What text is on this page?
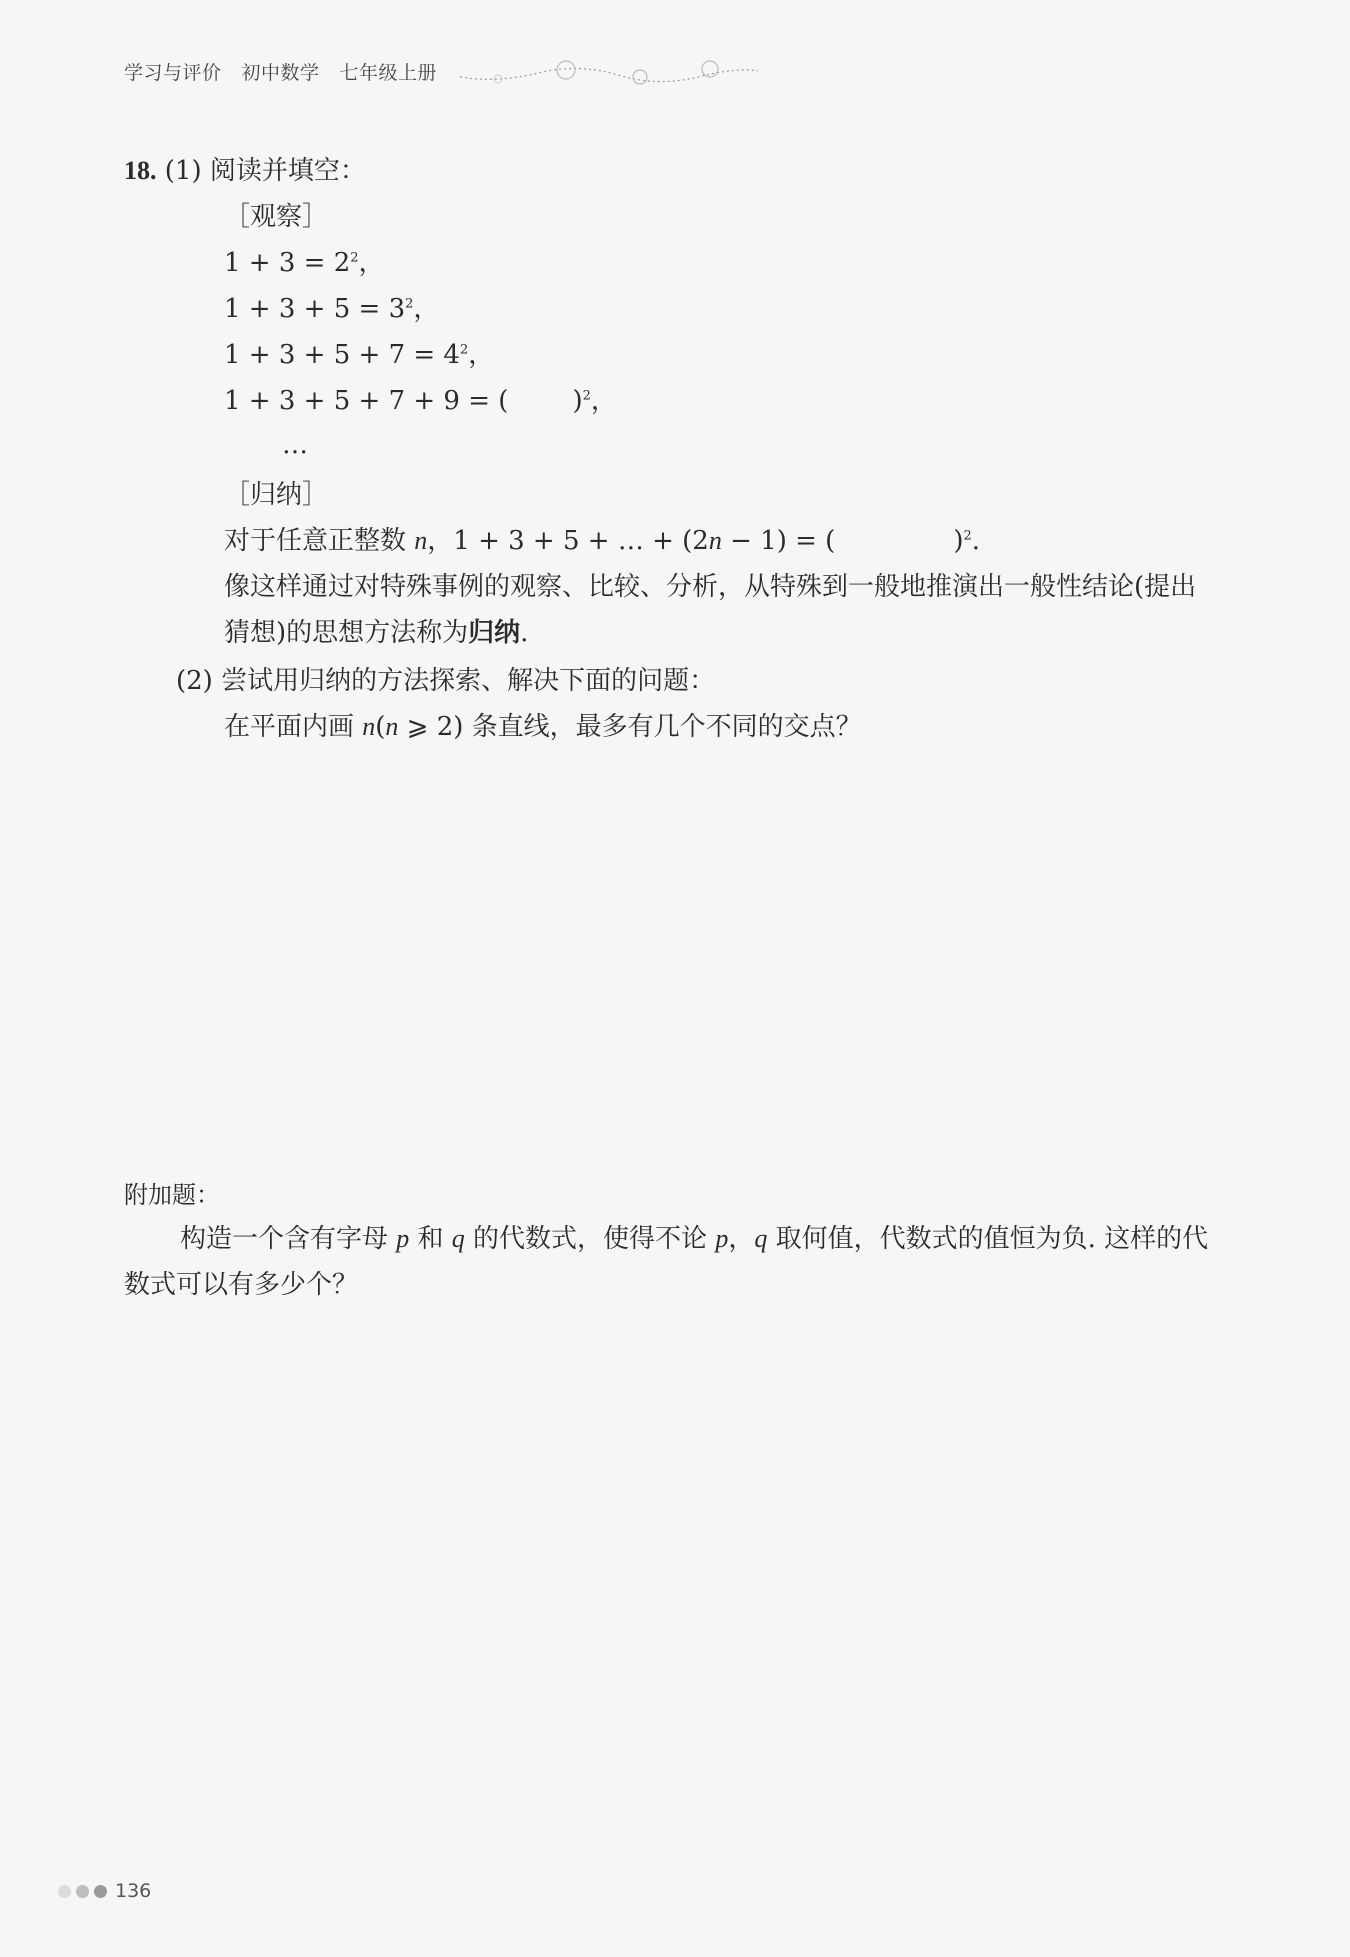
学习与评价 初中数学 七年级上册
18. (1) 阅读并填空：
［观察］
$1 + 3 = 2^2$，
$1 + 3 + 5 = 3^2$，
$1 + 3 + 5 + 7 = 4^2$，
1 + 3 + 5 + 7 + 9 = ( )$^2$，
…
［归纳］
对于任意正整数 n，1 + 3 + 5 + … + (2n − 1) = (	)$^2$.
像这样通过对特殊事例的观察、比较、分析，从特殊到一般地推演出一般性结论(提出
猜想)的思想方法称为归纳.
(2) 尝试用归纳的方法探索、解决下面的问题：
在平面内画 n(n ⩾ 2) 条直线，最多有几个不同的交点？
附加题：
构造一个含有字母 p 和 q 的代数式，使得不论 p，q 取何值，代数式的值恒为负. 这样的代
数式可以有多少个？
136
